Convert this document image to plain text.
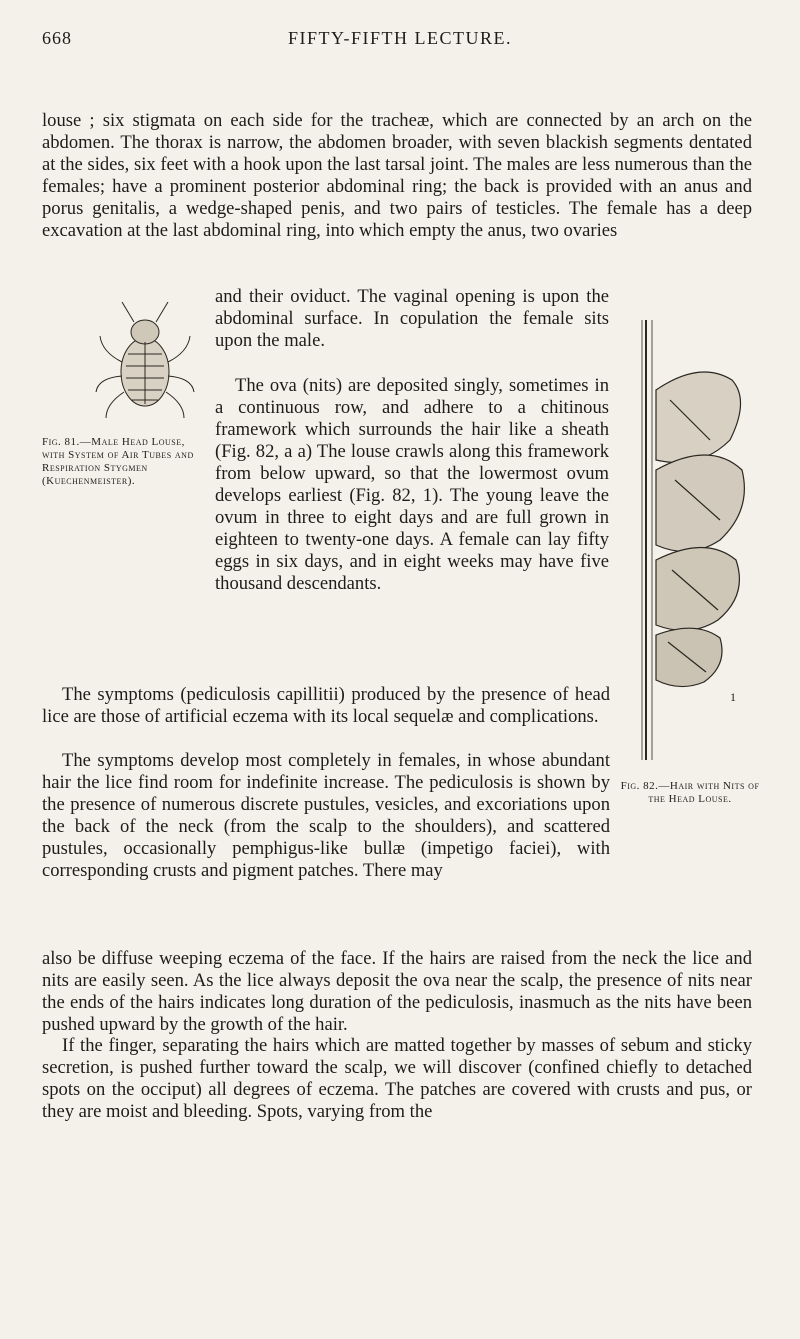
668	FIFTY-FIFTH LECTURE.
louse ; six stigmata on each side for the tracheæ, which are connected by an arch on the abdomen. The thorax is narrow, the abdomen broader, with seven blackish segments dentated at the sides, six feet with a hook upon the last tarsal joint. The males are less numerous than the females; have a prominent posterior abdominal ring; the back is provided with an anus and porus genitalis, a wedge-shaped penis, and two pairs of testicles. The female has a deep excavation at the last abdominal ring, into which empty the anus, two ovaries
and their oviduct. The vaginal opening is upon the abdominal surface. In copulation the female sits upon the male.
The ova (nits) are deposited singly, sometimes in a continuous row, and adhere to a chitinous framework which surrounds the hair like a sheath (Fig. 82, a a) The louse crawls along this framework from below upward, so that the lowermost ovum develops earliest (Fig. 82, 1). The young leave the ovum in three to eight days and are full grown in eighteen to twenty-one days. A female can lay fifty eggs in six days, and in eight weeks may have five thousand descendants.
The symptoms (pediculosis capillitii) produced by the presence of head lice are those of artificial eczema with its local sequelæ and complications.
The symptoms develop most completely in females, in whose abundant hair the lice find room for indefinite increase. The pediculosis is shown by the presence of numerous discrete pustules, vesicles, and excoriations upon the back of the neck (from the scalp to the shoulders), and scattered pustules, occasionally pemphigus-like bullæ (impetigo faciei), with corresponding crusts and pigment patches. There may
also be diffuse weeping eczema of the face. If the hairs are raised from the neck the lice and nits are easily seen. As the lice always deposit the ova near the scalp, the presence of nits near the ends of the hairs indicates long duration of the pediculosis, inasmuch as the nits have been pushed upward by the growth of the hair.
If the finger, separating the hairs which are matted together by masses of sebum and sticky secretion, is pushed further toward the scalp, we will discover (confined chiefly to detached spots on the occiput) all degrees of eczema. The patches are covered with crusts and pus, or they are moist and bleeding. Spots, varying from the
Fig. 81.—Male Head Louse, with System of Air Tubes and Respiration Stygmen (Kuechenmeister).
1
Fig. 82.—Hair with Nits of the Head Louse.
